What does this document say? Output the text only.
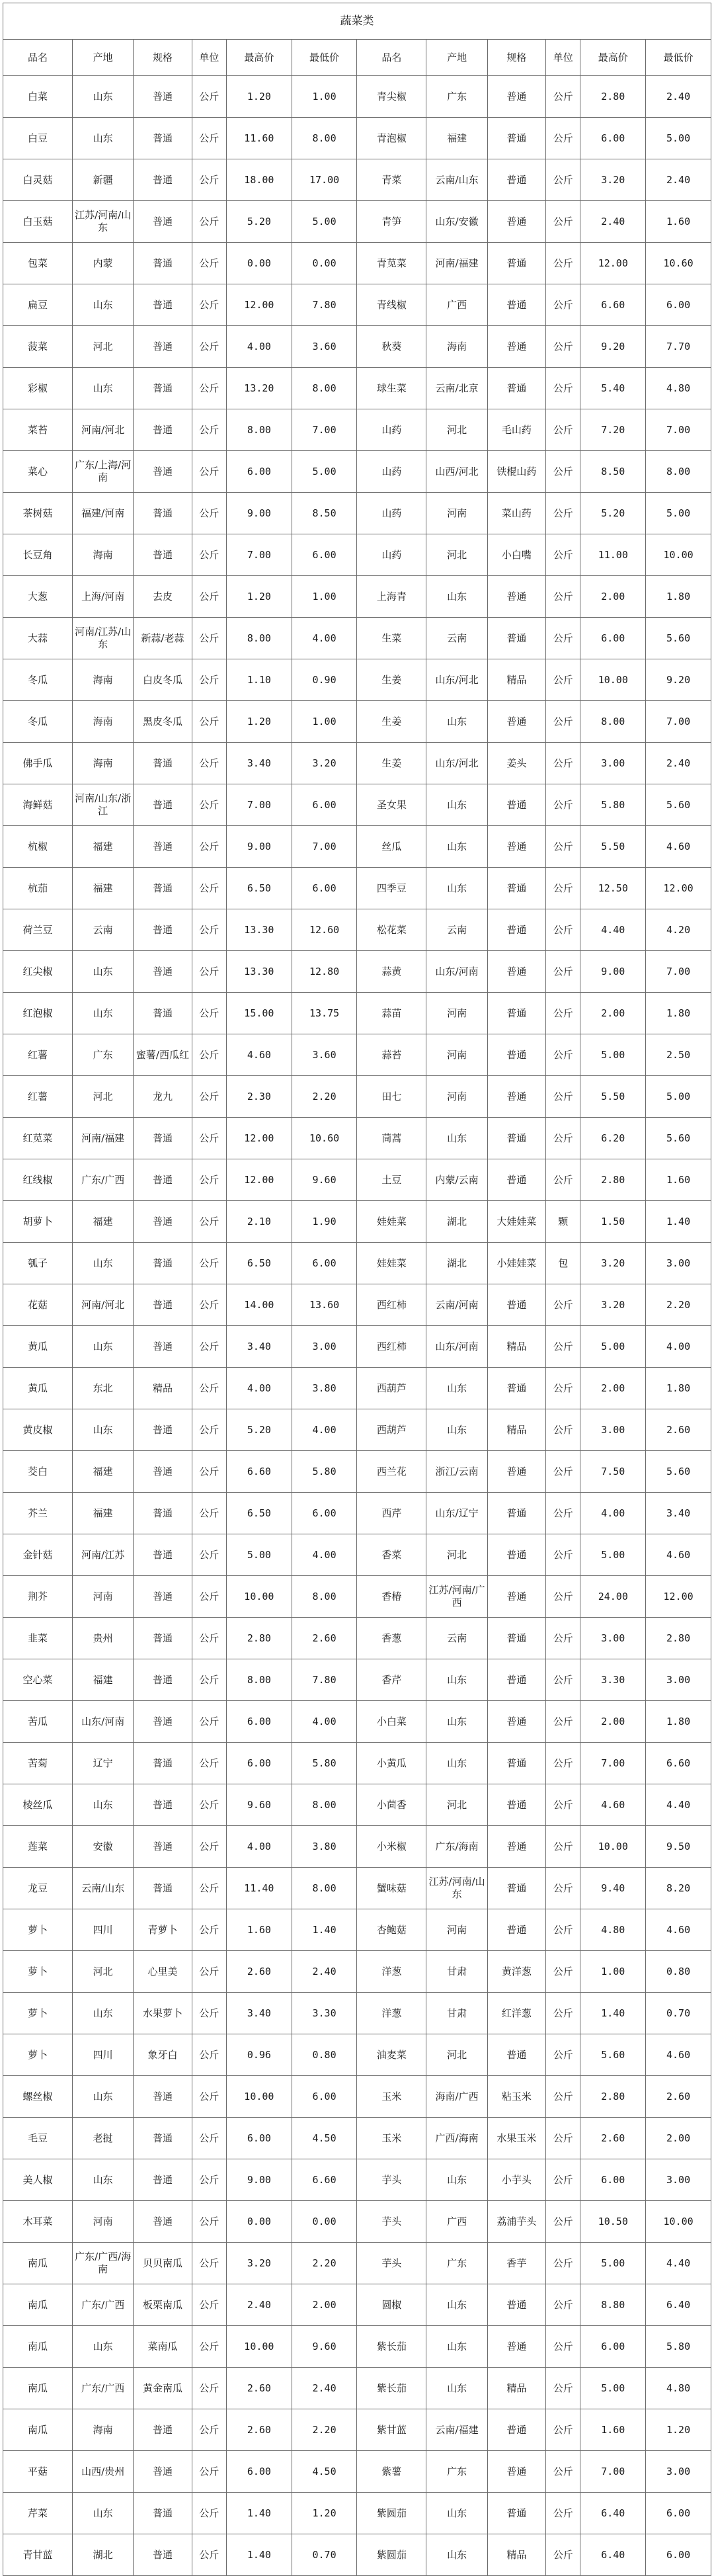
蔬菜类											
品名	产地	规格	单位	最高价	最低价	品名	产地	规格	单位	最高价	最低价
白菜	山东	普通	公斤	1.20	1.00	青尖椒	广东	普通	公斤	2.80	2.40
白豆	山东	普通	公斤	11.60	8.00	青泡椒	福建	普通	公斤	6.00	5.00
白灵菇	新疆	普通	公斤	18.00	17.00	青菜	云南/山东	普通	公斤	3.20	2.40
白玉菇	江苏/河南/山东	普通	公斤	5.20	5.00	青笋	山东/安徽	普通	公斤	2.40	1.60
包菜	内蒙	普通	公斤	0.00	0.00	青苋菜	河南/福建	普通	公斤	12.00	10.60
扁豆	山东	普通	公斤	12.00	7.80	青线椒	广西	普通	公斤	6.60	6.00
菠菜	河北	普通	公斤	4.00	3.60	秋葵	海南	普通	公斤	9.20	7.70
彩椒	山东	普通	公斤	13.20	8.00	球生菜	云南/北京	普通	公斤	5.40	4.80
菜苔	河南/河北	普通	公斤	8.00	7.00	山药	河北	毛山药	公斤	7.20	7.00
菜心	广东/上海/河南	普通	公斤	6.00	5.00	山药	山西/河北	铁棍山药	公斤	8.50	8.00
茶树菇	福建/河南	普通	公斤	9.00	8.50	山药	河南	菜山药	公斤	5.20	5.00
长豆角	海南	普通	公斤	7.00	6.00	山药	河北	小白嘴	公斤	11.00	10.00
大葱	上海/河南	去皮	公斤	1.20	1.00	上海青	山东	普通	公斤	2.00	1.80
大蒜	河南/江苏/山东	新蒜/老蒜	公斤	8.00	4.00	生菜	云南	普通	公斤	6.00	5.60
冬瓜	海南	白皮冬瓜	公斤	1.10	0.90	生姜	山东/河北	精品	公斤	10.00	9.20
冬瓜	海南	黑皮冬瓜	公斤	1.20	1.00	生姜	山东	普通	公斤	8.00	7.00
佛手瓜	海南	普通	公斤	3.40	3.20	生姜	山东/河北	姜头	公斤	3.00	2.40
海鲜菇	河南/山东/浙江	普通	公斤	7.00	6.00	圣女果	山东	普通	公斤	5.80	5.60
杭椒	福建	普通	公斤	9.00	7.00	丝瓜	山东	普通	公斤	5.50	4.60
杭茄	福建	普通	公斤	6.50	6.00	四季豆	山东	普通	公斤	12.50	12.00
荷兰豆	云南	普通	公斤	13.30	12.60	松花菜	云南	普通	公斤	4.40	4.20
红尖椒	山东	普通	公斤	13.30	12.80	蒜黄	山东/河南	普通	公斤	9.00	7.00
红泡椒	山东	普通	公斤	15.00	13.75	蒜苗	河南	普通	公斤	2.00	1.80
红薯	广东	蜜薯/西瓜红	公斤	4.60	3.60	蒜苔	河南	普通	公斤	5.00	2.50
红薯	河北	龙九	公斤	2.30	2.20	田七	河南	普通	公斤	5.50	5.00
红苋菜	河南/福建	普通	公斤	12.00	10.60	茼蒿	山东	普通	公斤	6.20	5.60
红线椒	广东/广西	普通	公斤	12.00	9.60	土豆	内蒙/云南	普通	公斤	2.80	1.60
胡萝卜	福建	普通	公斤	2.10	1.90	娃娃菜	湖北	大娃娃菜	颗	1.50	1.40
瓠子	山东	普通	公斤	6.50	6.00	娃娃菜	湖北	小娃娃菜	包	3.20	3.00
花菇	河南/河北	普通	公斤	14.00	13.60	西红柿	云南/河南	普通	公斤	3.20	2.20
黄瓜	山东	普通	公斤	3.40	3.00	西红柿	山东/河南	精品	公斤	5.00	4.00
黄瓜	东北	精品	公斤	4.00	3.80	西葫芦	山东	普通	公斤	2.00	1.80
黄皮椒	山东	普通	公斤	5.20	4.00	西葫芦	山东	精品	公斤	3.00	2.60
茭白	福建	普通	公斤	6.60	5.80	西兰花	浙江/云南	普通	公斤	7.50	5.60
芥兰	福建	普通	公斤	6.50	6.00	西芹	山东/辽宁	普通	公斤	4.00	3.40
金针菇	河南/江苏	普通	公斤	5.00	4.00	香菜	河北	普通	公斤	5.00	4.60
荆芥	河南	普通	公斤	10.00	8.00	香椿	江苏/河南/广西	普通	公斤	24.00	12.00
韭菜	贵州	普通	公斤	2.80	2.60	香葱	云南	普通	公斤	3.00	2.80
空心菜	福建	普通	公斤	8.00	7.80	香芹	山东	普通	公斤	3.30	3.00
苦瓜	山东/河南	普通	公斤	6.00	4.00	小白菜	山东	普通	公斤	2.00	1.80
苦菊	辽宁	普通	公斤	6.00	5.80	小黄瓜	山东	普通	公斤	7.00	6.60
棱丝瓜	山东	普通	公斤	9.60	8.00	小茴香	河北	普通	公斤	4.60	4.40
莲菜	安徽	普通	公斤	4.00	3.80	小米椒	广东/海南	普通	公斤	10.00	9.50
龙豆	云南/山东	普通	公斤	11.40	8.00	蟹味菇	江苏/河南/山东	普通	公斤	9.40	8.20
萝卜	四川	青萝卜	公斤	1.60	1.40	杏鲍菇	河南	普通	公斤	4.80	4.60
萝卜	河北	心里美	公斤	2.60	2.40	洋葱	甘肃	黄洋葱	公斤	1.00	0.80
萝卜	山东	水果萝卜	公斤	3.40	3.30	洋葱	甘肃	红洋葱	公斤	1.40	0.70
萝卜	四川	象牙白	公斤	0.96	0.80	油麦菜	河北	普通	公斤	5.60	4.60
螺丝椒	山东	普通	公斤	10.00	6.00	玉米	海南/广西	粘玉米	公斤	2.80	2.60
毛豆	老挝	普通	公斤	6.00	4.50	玉米	广西/海南	水果玉米	公斤	2.60	2.00
美人椒	山东	普通	公斤	9.00	6.60	芋头	山东	小芋头	公斤	6.00	3.00
木耳菜	河南	普通	公斤	0.00	0.00	芋头	广西	荔浦芋头	公斤	10.50	10.00
南瓜	广东/广西/海南	贝贝南瓜	公斤	3.20	2.20	芋头	广东	香芋	公斤	5.00	4.40
南瓜	广东/广西	板栗南瓜	公斤	2.40	2.00	圆椒	山东	普通	公斤	8.80	6.40
南瓜	山东	菜南瓜	公斤	10.00	9.60	紫长茄	山东	普通	公斤	6.00	5.80
南瓜	广东/广西	黄金南瓜	公斤	2.60	2.40	紫长茄	山东	精品	公斤	5.00	4.80
南瓜	海南	普通	公斤	2.60	2.20	紫甘蓝	云南/福建	普通	公斤	1.60	1.20
平菇	山西/贵州	普通	公斤	6.00	4.50	紫薯	广东	普通	公斤	7.00	3.00
芹菜	山东	普通	公斤	1.40	1.20	紫圆茄	山东	普通	公斤	6.40	6.00
青甘蓝	湖北	普通	公斤	1.40	0.70	紫圆茄	山东	精品	公斤	6.40	6.00
